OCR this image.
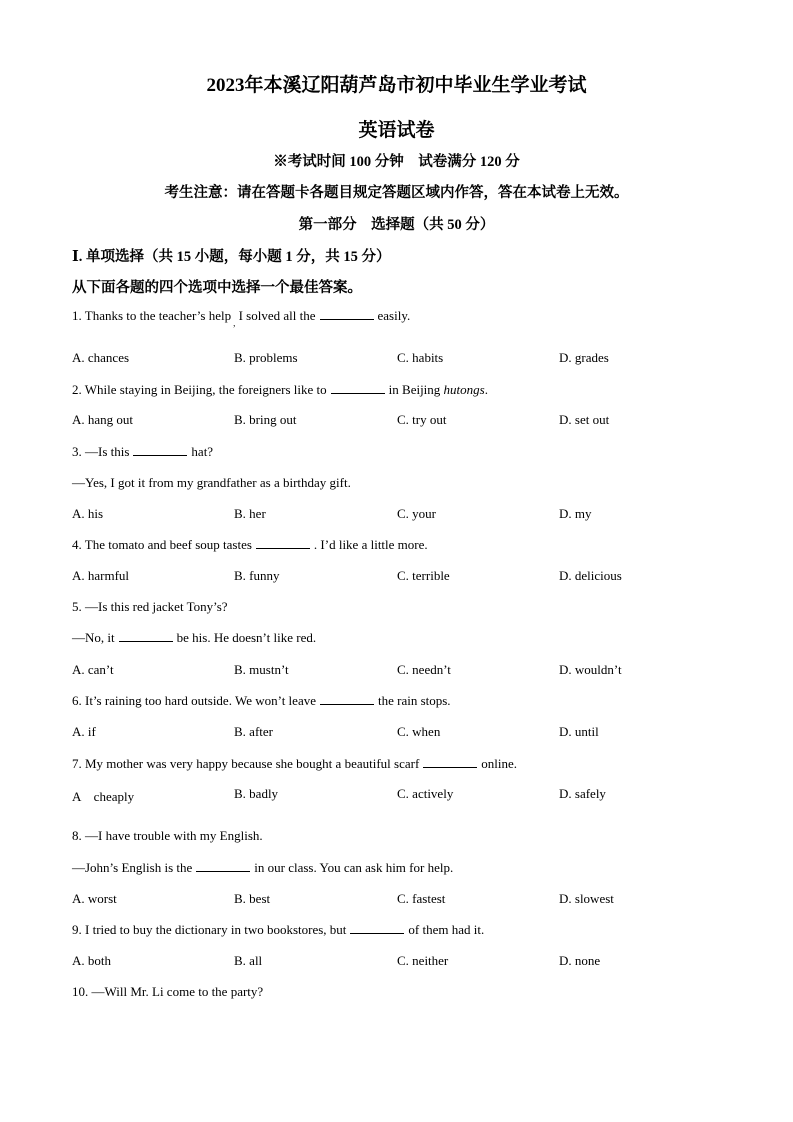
2023年本溪辽阳葫芦岛市初中毕业生学业考试
英语试卷
※考试时间 100 分钟　试卷满分 120 分
考生注意：请在答题卡各题目规定答题区域内作答，答在本试卷上无效。
第一部分　选择题（共 50 分）
Ⅰ. 单项选择（共 15 小题，每小题 1 分，共 15 分）
从下面各题的四个选项中选择一个最佳答案。
1. Thanks to the teacher’s help $_,$ I solved all the	easily.
A. chances	B. problems	C. habits	D. grades
2. While staying in Beijing, the foreigners like to	in Beijing hutongs.
A. hang out	B. bring out	C. try out	D. set out
3. —Is this	hat?
—Yes, I got it from my grandfather as a birthday gift.
A. his	B. her	C. your	D. my
4. The tomato and beef soup tastes	. I’d like a little more.
A. harmful	B. funny	C. terrible	D. delicious
5. —Is this red jacket Tony’s?
—No, it	be his. He doesn’t like red.
A. can’t	B. mustn’t	C. needn’t	D. wouldn’t
6. It’s raining too hard outside. We won’t leave	the rain stops.
A. if	B. after	C. when	D. until
7. My mother was very happy because she bought a beautiful scarf	online.
A　cheaply	B. badly	C. actively	D. safely
8. —I have trouble with my English.
—John’s English is the	in our class. You can ask him for help.
A. worst	B. best	C. fastest	D. slowest
9. I tried to buy the dictionary in two bookstores, but	of them had it.
A. both	B. all	C. neither	D. none
10. —Will Mr. Li come to the party?
